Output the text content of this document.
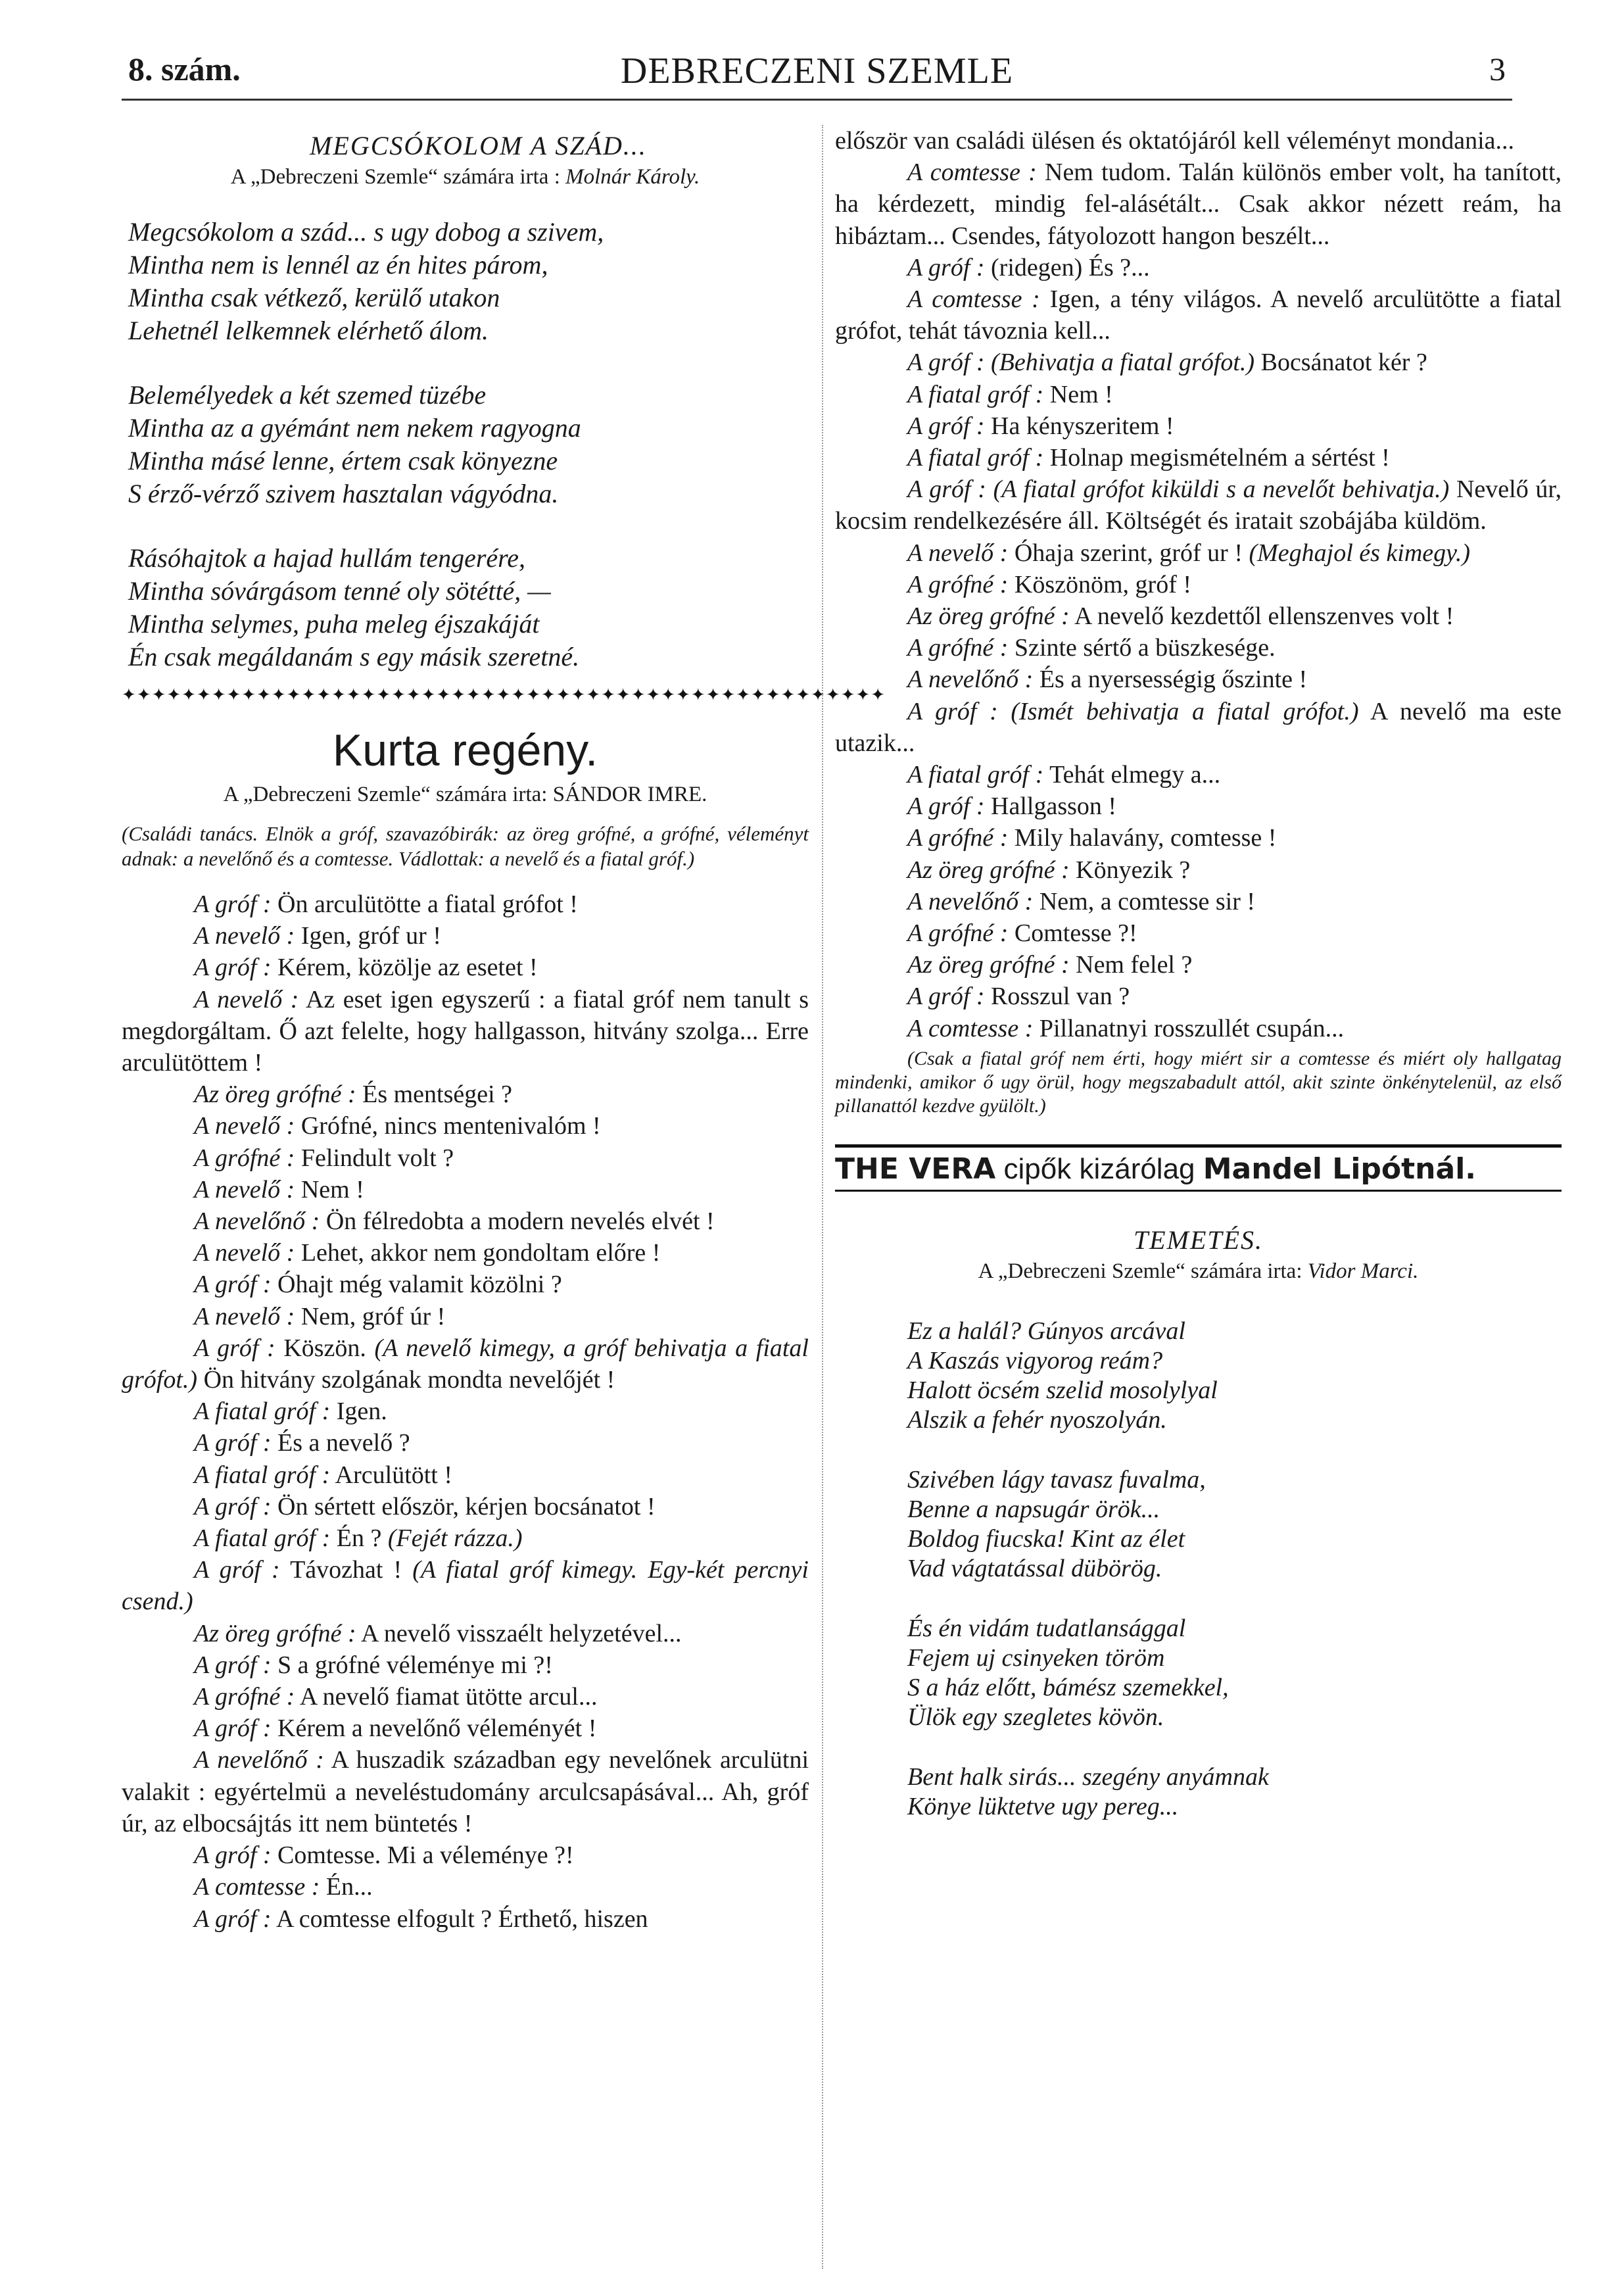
8. szám.	DEBRECZENI SZEMLE	3
MEGCSÓKOLOM A SZÁD...
A „Debreczeni Szemle“ számára irta : Molnár Károly.

Megcsókolom a szád... s ugy dobog a szivem,

Mintha nem is lennél az én hites párom,

Mintha csak vétkező, kerülő utakon

Lehetnél lelkemnek elérhető álom.

Belemélyedek a két szemed tüzébe

Mintha az a gyémánt nem nekem ragyogna

Mintha másé lenne, értem csak könyezne

S érző-vérző szivem hasztalan vágyódna.

Rásóhajtok a hajad hullám tengerére,

Mintha sóvárgásom tenné oly sötétté, —

Mintha selymes, puha meleg éjszakáját

Én csak megáldanám s egy másik szeretné.

✦✦✦✦✦✦✦✦✦✦✦✦✦✦✦✦✦✦✦✦✦✦✦✦✦✦✦✦✦✦✦✦✦✦✦✦✦✦✦✦✦✦✦✦✦✦✦✦✦✦✦
Kurta regény.
A „Debreczeni Szemle“ számára irta: SÁNDOR IMRE.
(Családi tanács. Elnök a gróf, szavazóbirák: az öreg grófné, a grófné, véleményt adnak: a nevelőnő és a comtesse. Vádlottak: a nevelő és a fiatal gróf.)

A gróf : Ön arculütötte a fiatal grófot !

A nevelő : Igen, gróf ur !

A gróf : Kérem, közölje az esetet !

A nevelő : Az eset igen egyszerű : a fiatal gróf nem tanult s megdorgáltam. Ő azt felelte, hogy hallgasson, hitvány szolga... Erre arculütöttem !

Az öreg grófné : És mentségei ?

A nevelő : Grófné, nincs mentenivalóm !

A grófné : Felindult volt ?

A nevelő : Nem !

A nevelőnő : Ön félredobta a modern nevelés elvét !

A nevelő : Lehet, akkor nem gondoltam előre !

A gróf : Óhajt még valamit közölni ?

A nevelő : Nem, gróf úr !

A gróf : Köszön. (A nevelő kimegy, a gróf behivatja a fiatal grófot.) Ön hitvány szolgának mondta nevelőjét !

A fiatal gróf : Igen.

A gróf : És a nevelő ?

A fiatal gróf : Arculütött !

A gróf : Ön sértett először, kérjen bocsánatot !

A fiatal gróf : Én ? (Fejét rázza.)

A gróf : Távozhat ! (A fiatal gróf kimegy. Egy-két percnyi csend.)

Az öreg grófné : A nevelő visszaélt helyzetével...

A gróf : S a grófné véleménye mi ?!

A grófné : A nevelő fiamat ütötte arcul...

A gróf : Kérem a nevelőnő véleményét !

A nevelőnő : A huszadik században egy nevelőnek arculütni valakit : egyértelmü a neveléstudomány arculcsapásával... Ah, gróf úr, az elbocsájtás itt nem büntetés !

A gróf : Comtesse. Mi a véleménye ?!

A comtesse : Én...

A gróf : A comtesse elfogult ? Érthető, hiszen

először van családi ülésen és oktatójáról kell véleményt mondania...

A comtesse : Nem tudom. Talán különös ember volt, ha tanított, ha kérdezett, mindig fel-alásétált... Csak akkor nézett reám, ha hibáztam... Csendes, fátyolozott hangon beszélt...

A gróf : (ridegen) És ?...

A comtesse : Igen, a tény világos. A nevelő arculütötte a fiatal grófot, tehát távoznia kell...

A gróf : (Behivatja a fiatal grófot.) Bocsánatot kér ?

A fiatal gróf : Nem !

A gróf : Ha kényszeritem !

A fiatal gróf : Holnap megismételném a sértést !

A gróf : (A fiatal grófot kiküldi s a nevelőt behivatja.) Nevelő úr, kocsim rendelkezésére áll. Költségét és iratait szobájába küldöm.

A nevelő : Óhaja szerint, gróf ur ! (Meghajol és kimegy.)

A grófné : Köszönöm, gróf !

Az öreg grófné : A nevelő kezdettől ellenszenves volt !

A grófné : Szinte sértő a büszkesége.

A nevelőnő : És a nyersességig őszinte !

A gróf : (Ismét behivatja a fiatal grófot.) A nevelő ma este utazik...

A fiatal gróf : Tehát elmegy a...

A gróf : Hallgasson !

A grófné : Mily halavány, comtesse !

Az öreg grófné : Könyezik ?

A nevelőnő : Nem, a comtesse sir !

A grófné : Comtesse ?!

Az öreg grófné : Nem felel ?

A gróf : Rosszul van ?

A comtesse : Pillanatnyi rosszullét csupán...

(Csak a fiatal gróf nem érti, hogy miért sir a comtesse és miért oly hallgatag mindenki, amikor ő ugy örül, hogy megszabadult attól, akit szinte önkénytelenül, az első pillanattól kezdve gyülölt.)
THE VERA cipők kizárólag Mandel Lipótnál.
TEMETÉS.
A „Debreczeni Szemle“ számára irta: Vidor Marci.

Ez a halál? Gúnyos arcával

A Kaszás vigyorog reám?

Halott öcsém szelid mosolylyal

Alszik a fehér nyoszolyán.

Szivében lágy tavasz fuvalma,

Benne a napsugár örök...

Boldog fiucska! Kint az élet

Vad vágtatással dübörög.

És én vidám tudatlansággal

Fejem uj csinyeken töröm

S a ház előtt, bámész szemekkel,

Ülök egy szegletes kövön.

Bent halk sirás... szegény anyámnak

Könye lüktetve ugy pereg...
